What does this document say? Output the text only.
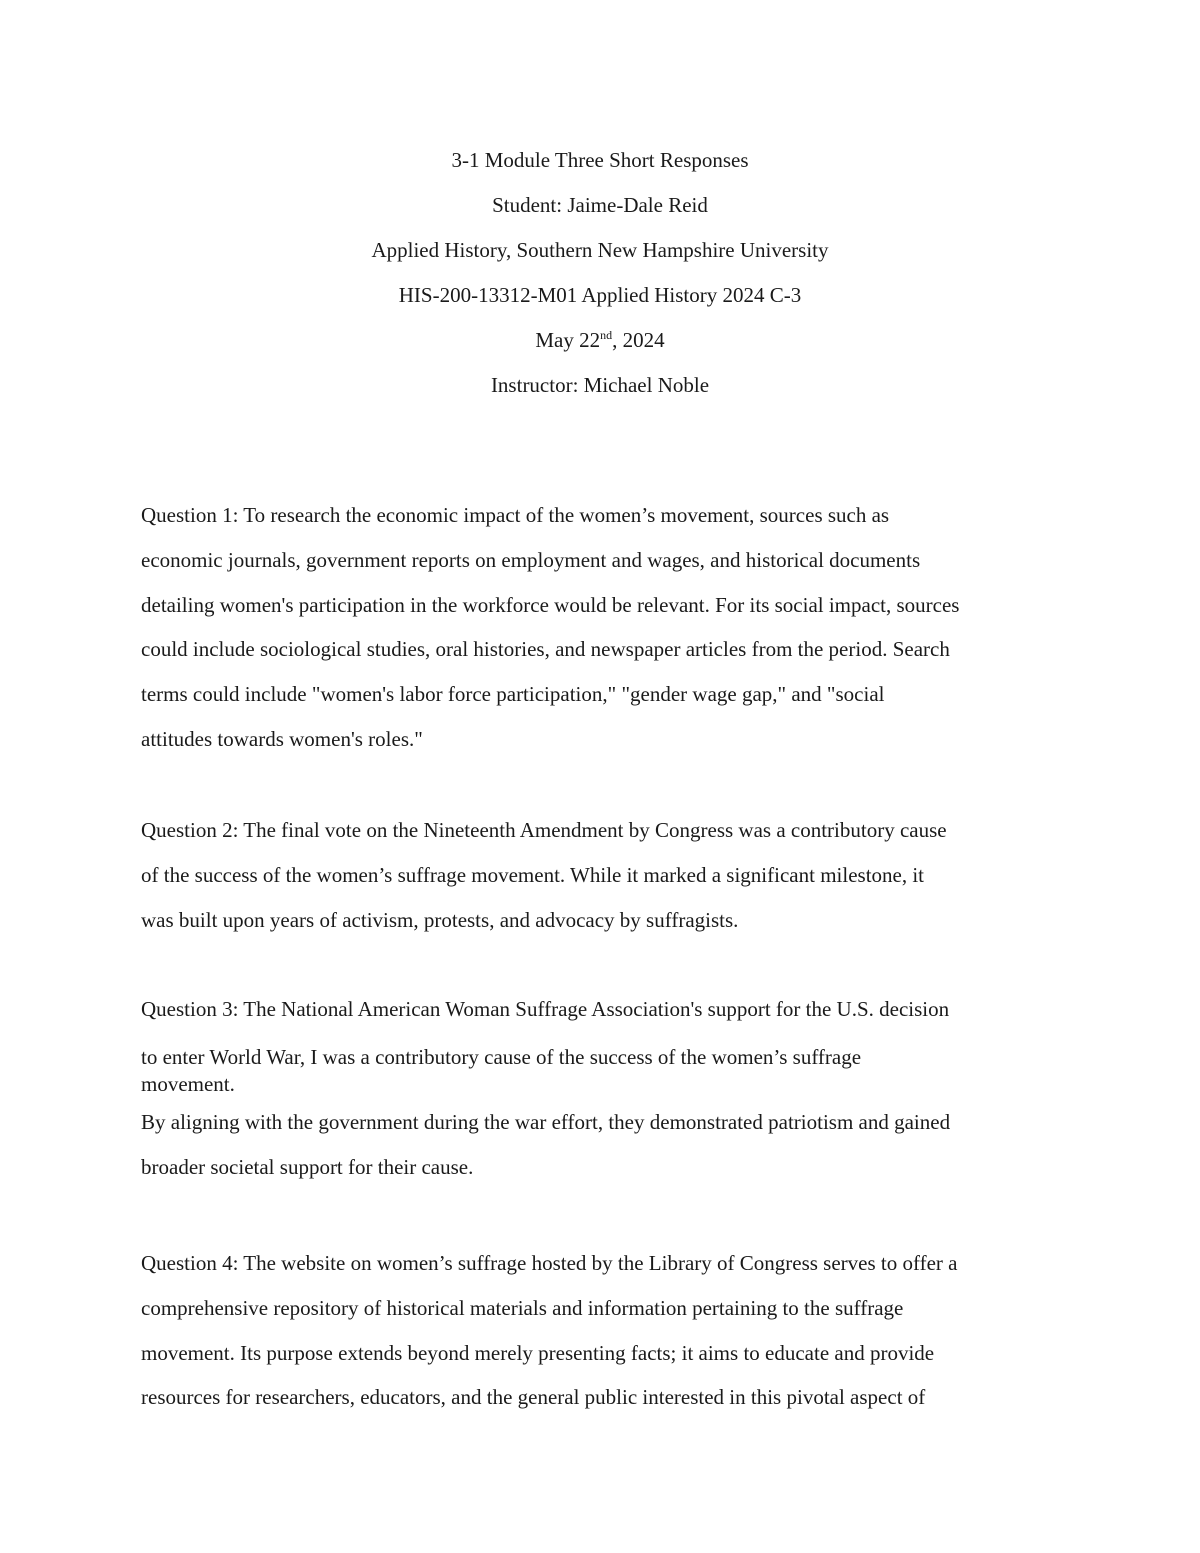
3-1 Module Three Short Responses
Student: Jaime-Dale Reid
Applied History, Southern New Hampshire University
HIS-200-13312-M01 Applied History 2024 C-3
May 22nd, 2024
Instructor: Michael Noble
Question 1: To research the economic impact of the women’s movement, sources such as
economic journals, government reports on employment and wages, and historical documents
detailing women's participation in the workforce would be relevant. For its social impact, sources
could include sociological studies, oral histories, and newspaper articles from the period. Search
terms could include "women's labor force participation," "gender wage gap," and "social
attitudes towards women's roles."
Question 2: The final vote on the Nineteenth Amendment by Congress was a contributory cause
of the success of the women’s suffrage movement. While it marked a significant milestone, it
was built upon years of activism, protests, and advocacy by suffragists.
Question 3: The National American Woman Suffrage Association's support for the U.S. decision
to enter World War, I was a contributory cause of the success of the women’s suffrage
movement.
By aligning with the government during the war effort, they demonstrated patriotism and gained
broader societal support for their cause.
Question 4: The website on women’s suffrage hosted by the Library of Congress serves to offer a
comprehensive repository of historical materials and information pertaining to the suffrage
movement. Its purpose extends beyond merely presenting facts; it aims to educate and provide
resources for researchers, educators, and the general public interested in this pivotal aspect of
